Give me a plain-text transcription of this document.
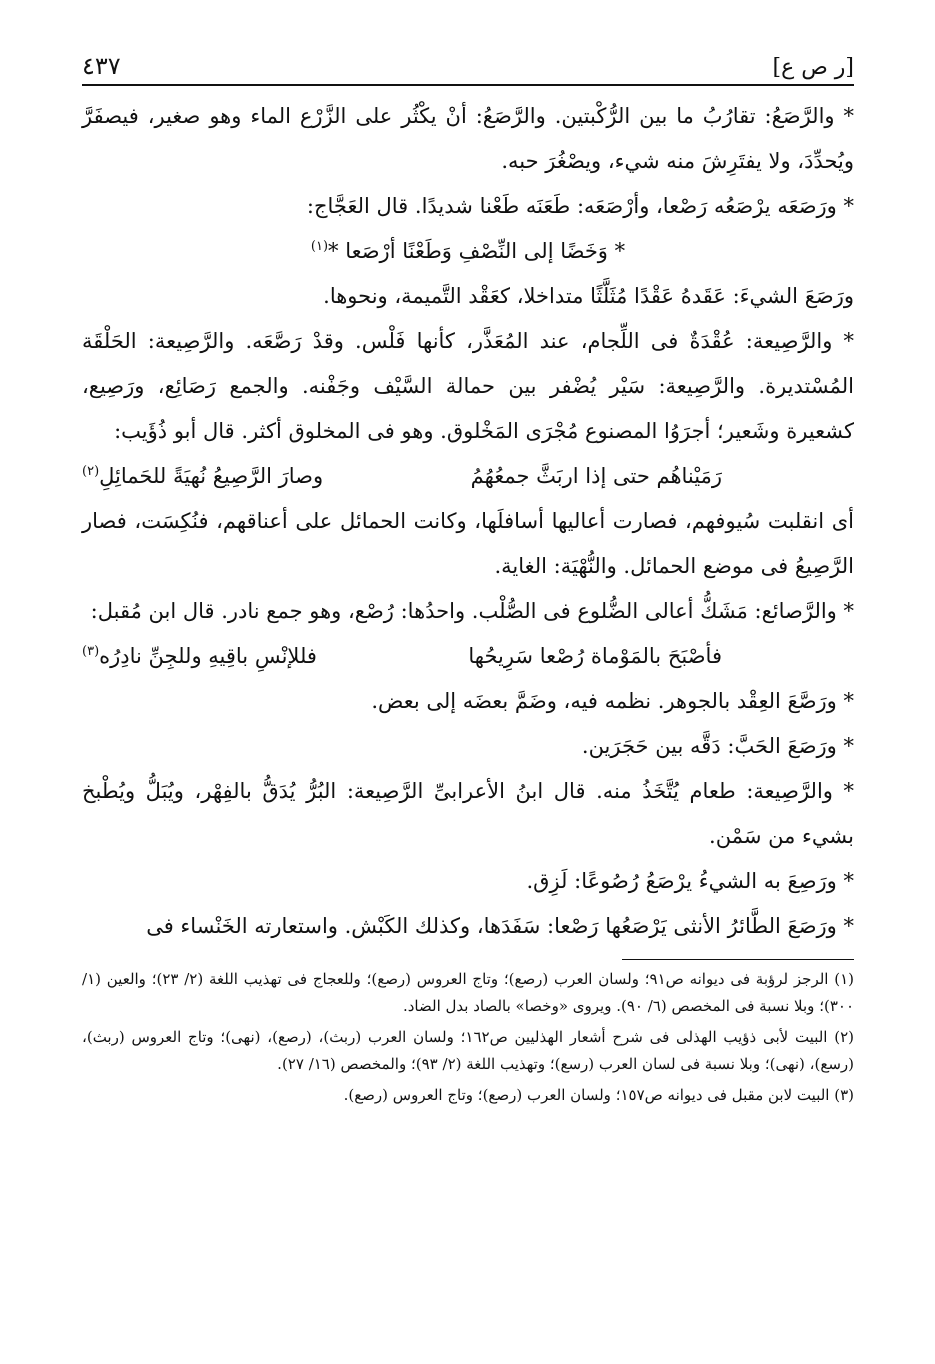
[ر ص ع]
٤٣٧

* والرَّصَعُ: تقارُبُ ما بين الرُّكْبتين. والرَّصَعُ: أنْ يكْثُر على الزَّرْع الماء وهو صغير، فيصفَرَّ ويُحدِّدَ، ولا يفتَرِشَ منه شيء، ويصْغُرَ حبه.

* ورَصَعَه يرْصَعُه رَصْعا، وأرْصَعَه: طَعَنَه طَعْنا شديدًا. قال العَجَّاج:

* وَخَضًا إلى النِّصْفِ وَطَعْنًا أرْصَعا *$^{(١)}$

ورَصَعَ الشيءَ: عَقَدهُ عَقْدًا مُثَلَّثًا متداخلا، كعَقْد التَّميمة، ونحوها.

* والرَّصِيعة: عُقْدَةٌ فى اللِّجام، عند المُعَذَّر، كأنها فَلْس. وقدْ رَصَّعَه. والرَّصِيعة: الحَلْقَة المُسْتديرة. والرَّصِيعة: سَيْر يُضْفر بين حمالة السَّيْف وجَفْنه. والجمع رَصَائِع، ورَصِيع، كشعيرة وشَعير؛ أجرَوُا المصنوع مُجْرَى المَخْلوق. وهو فى المخلوق أكثر. قال أبو ذُؤَيب:

رَمَيْناهُم حتى إذا اربَثَّ جمعُهُمُ
وصارَ الرَّصِيعُ نُهيَةً للحَمائِلِ$^{(٢)}$

أى انقلبت سُيوفهم، فصارت أعاليها أسافلَها، وكانت الحمائل على أعناقهم، فنُكِسَت، فصار الرَّصِيعُ فى موضع الحمائل. والنُّهْيَة: الغاية.

* والرَّصائع: مَشَكُّ أعالى الضُّلوع فى الصُّلْب. واحدُها: رُصْع، وهو جمع نادر. قال ابن مُقبل:

فأصْبَحَ بالمَوْماة رُصْعا سَرِيحُها
فللإنْسِ باقِيهِ وللجِنِّ نادِرُه$^{(٣)}$

* ورَصَّعَ العِقْد بالجوهر. نظمه فيه، وضَمَّ بعضَه إلى بعض.

* ورَصَعَ الحَبَّ: دَقَّه بين حَجَرَين.

* والرَّصِيعة: طعام يُتَّخَذُ منه. قال ابنُ الأعرابىِّ الرَّصِيعة: البُرُّ يُدَقُّ بالفِهْر، ويُبَلُّ ويُطْبخ بشيء من سَمْن.

* ورَصِعَ به الشيءُ يرْصَعُ رُصُوعًا: لَزِق.

* ورَصَعَ الطَّائرُ الأنثى يَرْصَعُها رَصْعا: سَفَدَها، وكذلك الكَبْش. واستعارته الخَنْساء فى

(١) الرجز لرؤبة فى ديوانه ص٩١؛ ولسان العرب (رصع)؛ وتاج العروس (رصع)؛ وللعجاج فى تهذيب اللغة (٢/ ٢٣)؛ والعين (١/ ٣٠٠)؛ وبلا نسبة فى المخصص (٦/ ٩٠). ويروى «وخصا» بالصاد بدل الضاد.

(٢) البيت لأبى ذؤيب الهذلى فى شرح أشعار الهذليين ص١٦٢؛ ولسان العرب (ربث)، (رصع)، (نهى)؛ وتاج العروس (ربث)، (رسع)، (نهى)؛ وبلا نسبة فى لسان العرب (رسع)؛ وتهذيب اللغة (٢/ ٩٣)؛ والمخصص (١٦/ ٢٧).

(٣) البيت لابن مقبل فى ديوانه ص١٥٧؛ ولسان العرب (رصع)؛ وتاج العروس (رصع).
